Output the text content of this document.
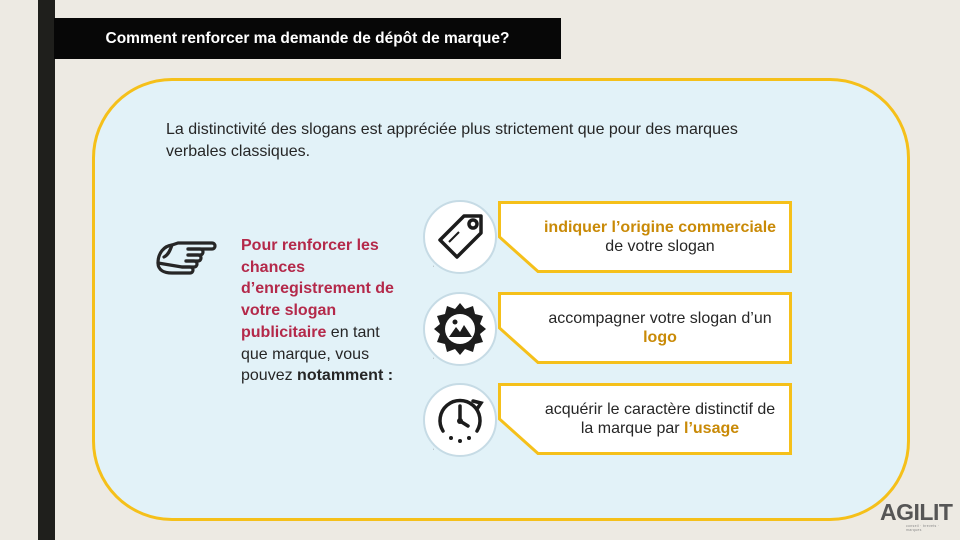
Comment renforcer ma demande de dépôt de marque?

La distinctivité des slogans est appréciée plus strictement que pour des marques verbales classiques.

Pour renforcer les chances d’enregistrement de votre slogan publicitaire en tant que marque, vous pouvez notamment :

•
•
•
indiquer l’origine commerciale de votre slogan
accompagner votre slogan d’un logo
acquérir le caractère distinctif de la marque par l’usage
AGILIT
conseil · brevets · marques
